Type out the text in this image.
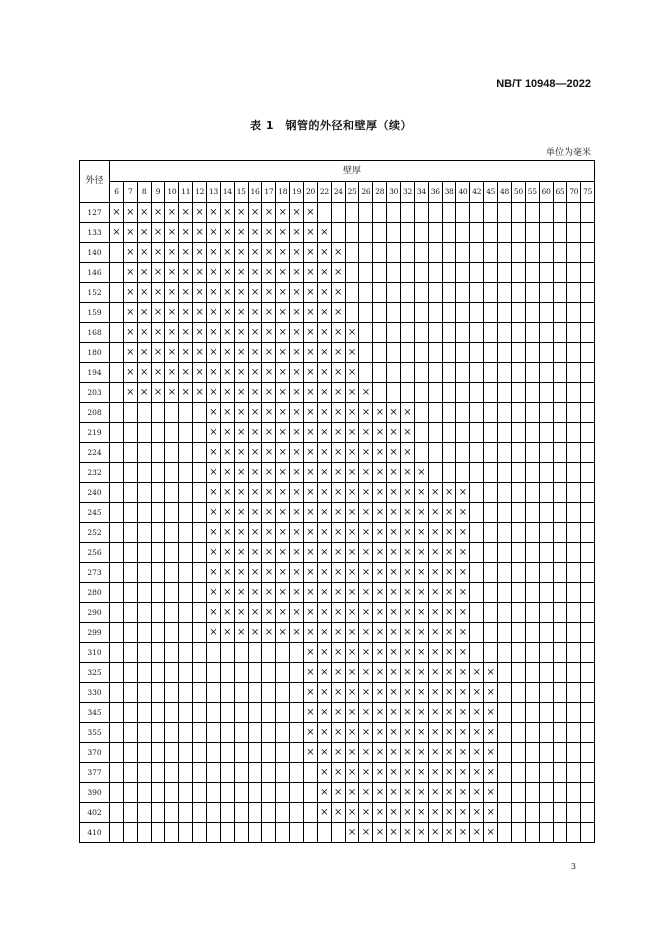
NB/T 10948—2022
表 1　钢管的外径和壁厚（续）
单位为毫米
外径	壁厚																																		
	6	7	8	9	10	11	12	13	14	15	16	17	18	19	20	22	24	25	26	28	30	32	34	36	38	40	42	45	48	50	55	60	65	70	75
127	×	×	×	×	×	×	×	×	×	×	×	×	×	×	×																				
133	×	×	×	×	×	×	×	×	×	×	×	×	×	×	×	×																			
140		×	×	×	×	×	×	×	×	×	×	×	×	×	×	×	×																		
146		×	×	×	×	×	×	×	×	×	×	×	×	×	×	×	×																		
152		×	×	×	×	×	×	×	×	×	×	×	×	×	×	×	×																		
159		×	×	×	×	×	×	×	×	×	×	×	×	×	×	×	×																		
168		×	×	×	×	×	×	×	×	×	×	×	×	×	×	×	×	×																	
180		×	×	×	×	×	×	×	×	×	×	×	×	×	×	×	×	×																	
194		×	×	×	×	×	×	×	×	×	×	×	×	×	×	×	×	×																	
203		×	×	×	×	×	×	×	×	×	×	×	×	×	×	×	×	×	×																
208								×	×	×	×	×	×	×	×	×	×	×	×	×	×	×													
219								×	×	×	×	×	×	×	×	×	×	×	×	×	×	×													
224								×	×	×	×	×	×	×	×	×	×	×	×	×	×	×													
232								×	×	×	×	×	×	×	×	×	×	×	×	×	×	×	×												
240								×	×	×	×	×	×	×	×	×	×	×	×	×	×	×	×	×	×	×									
245								×	×	×	×	×	×	×	×	×	×	×	×	×	×	×	×	×	×	×									
252								×	×	×	×	×	×	×	×	×	×	×	×	×	×	×	×	×	×	×									
256								×	×	×	×	×	×	×	×	×	×	×	×	×	×	×	×	×	×	×									
273								×	×	×	×	×	×	×	×	×	×	×	×	×	×	×	×	×	×	×									
280								×	×	×	×	×	×	×	×	×	×	×	×	×	×	×	×	×	×	×									
290								×	×	×	×	×	×	×	×	×	×	×	×	×	×	×	×	×	×	×									
299								×	×	×	×	×	×	×	×	×	×	×	×	×	×	×	×	×	×	×									
310															×	×	×	×	×	×	×	×	×	×	×	×									
325															×	×	×	×	×	×	×	×	×	×	×	×	×	×							
330															×	×	×	×	×	×	×	×	×	×	×	×	×	×							
345															×	×	×	×	×	×	×	×	×	×	×	×	×	×							
355															×	×	×	×	×	×	×	×	×	×	×	×	×	×							
370															×	×	×	×	×	×	×	×	×	×	×	×	×	×							
377																×	×	×	×	×	×	×	×	×	×	×	×	×							
390																×	×	×	×	×	×	×	×	×	×	×	×	×							
402																×	×	×	×	×	×	×	×	×	×	×	×	×							
410																		×	×	×	×	×	×	×	×	×	×	×							
3
